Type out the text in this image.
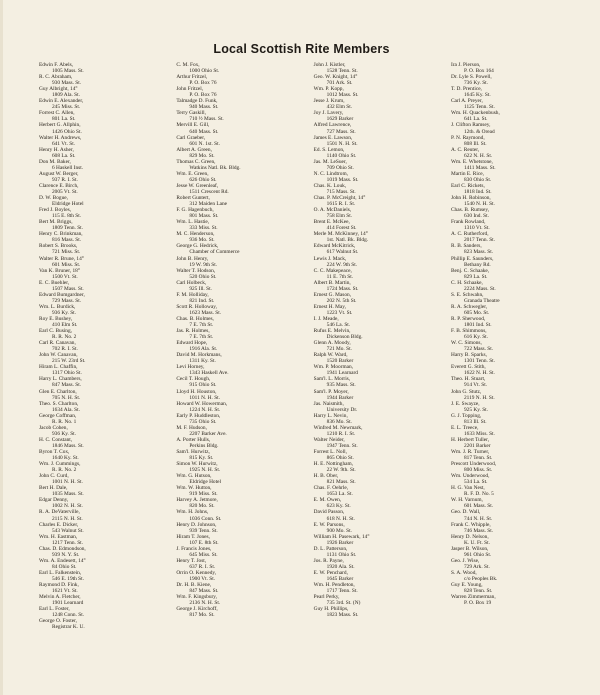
Local Scottish Rite Members
Edwin F. Abels,
1005 Mass. St.
R. C. Abraham,
930 Mass. St.
Guy Albright, 14°
1809 Ala. St.
Edwin E. Alexander,
245 Miss. St.
Forrest C. Allen,
801 La. St.
Herbert G. Allphin,
1426 Ohio St.
Walter H. Andrews,
641 Vt. St.
Henry H. Asher,
608 La. St.
Don M. Baker,
6 Haskell Inst.
August W. Berger,
937 R. I. St.
Clarence E. Birch,
2005 Vt. St.
D. W. Bogue,
Eldridge Hotel
Fred J. Boyles,
115 E. 8th St.
Bert M. Briggs,
1809 Tenn. St.
Henry C. Brinkman,
816 Mass. St.
Robert S. Brooks,
721 Miss. St.
Walter R. Brune, 14°
601 Miss. St.
Van K. Bruner, 18°
1500 Vt. St.
E. C. Buehler,
1507 Mass. St.
Edward Bumgardner,
729 Mass. St.
Wm. L. Burdick,
936 Ky. St.
Roy E. Bushey,
410 Elm St.
Earl C. Busing,
R. R. No. 2
Carl R. Canavan,
702 R. I. St.
John W. Canavan,
215 W. 23rd St.
Hiram L. Chaffin,
1317 Ohio St.
Harry L. Chambers,
847 Mass. St.
Glen E. Charlton,
705 N. H. St.
Theo. S. Charlton,
1634 Ala. St.
George Coffman,
R. R. No. 1
Jacob Cohen,
936 Ky. St.
H. C. Constant,
1846 Mass. St.
Byron T. Cox,
1640 Ky. St.
Wm. J. Cummings,
R. R. No. 2
John C. Curd,
1001 N. H. St.
Bert H. Dale,
1035 Mass. St.
Edgar Denny,
1002 N. H. St.
R. A. DeVaterville,
2115 N. H. St.
Charles E. Dicker,
543 Walnut St.
Wm. H. Eastman,
1217 Tenn. St.
Chas. D. Edmondson,
939 N. Y. St.
Wm. A. Endesett, 14°
84 Ohio St.
Earl L. Falkenstein,
546 E. 19th St.
Raymond D. Fink,
1621 Vt. St.
Melvin A. Fletcher,
1901 Learnard
Earl L. Foster,
1248 Conn. St.
George O. Foster,
Registrar K. U.
C. M. Fox,
1000 Ohio St.
Arthur Fritzel,
P. O. Box 76
John Fritzel,
P. O. Box 76
Talmadge D. Funk,
940 Mass. St.
Terry Gaskill,
710 ½ Mass. St.
Mervill E. Gill,
640 Mass. St.
Carl Graeber,
601 N. 1st. St.
Albert A. Green,
829 Mo. St.
Thomas C. Green,
Watkins Natl. Bk. Bldg.
Wm. E. Green,
626 Ohio St.
Jesse W. Greenleaf,
1511 Crescent Rd.
Robert Guntert,
312 Maiden Lane
F. G. Hagenbuch,
801 Mass. St.
Wm. L. Hastie,
333 Miss. St.
M. C. Henderson,
936 Mo. St.
George G. Hedrick,
Chamber of Commerce
John B. Henry,
19 W. 9th St.
Walter T. Hodson,
520 Ohio St.
Carl Holbeck,
925 Ill. St.
F. M. Holliday,
821 Ind. St.
Scott R. Holloway,
1623 Mass. St.
Chas. B. Holmes,
7 E. 7th St.
Jas. R. Holmes,
7 E. 7th St.
Edward Hope,
1916 Ala. St.
David M. Horkmans,
1311 Ky. St.
Levi Horney,
1343 Haskell Ave.
Cecil T. Hough,
915 Ohio St.
Lloyd H. Houston,
1011 N. H. St.
Howard W. Howerman,
1224 N. H. St.
Early P. Huddleston,
735 Ohio St.
M. F. Hudson,
2207 Barker Ave.
A. Porter Hulls,
Perkins Bldg.
Sam'l. Hurwitz,
815 Ky. St.
Simon W. Hurwitz,
1925 N. H. St.
Wm. G. Hutson,
Eldridge Hotel
Wm. W. Hutton,
919 Miss. St.
Harvey A. Jetmore,
820 Mo. St.
Wm. H. Johns,
1036 Conn. St.
Henry D. Johnson,
939 Tenn. St.
Hiram T. Jones,
107 E. 8th St.
J. Francis Jones,
645 Miss. St.
Henry T. Jost,
637 R. I. St.
Orrin O. Kennedy,
1900 Vt. St.
Dr. H. B. Kiene,
847 Mass. St.
Wm. F. Kingsbury,
2136 N. H. St.
George J. Kirchoff,
817 Mo. St.
John J. Kistler,
1528 Tenn. St.
Geo. W. Knight, 14°
701 Ark. St.
Wm. P. Kopp,
1012 Mass. St.
Jesse J. Krum,
432 Elm St.
Joy J. Lavery,
1629 Barker
Alfred Lawrence,
727 Mass. St.
James E. Lawson,
1501 N. H. St.
Ed. S. Lemon,
1140 Ohio St.
Jas. M. LeSuer,
709 Ohio St.
N. C. Lindtrom,
1019 Mass. St.
Chas. K. Louk,
715 Mass. St.
Chas. P. McCreight, 14°
1615 R. I. St.
O. A. McDaniels,
758 Elm St.
Brent E. McKee,
414 Forest St.
Merle M. McKinney, 14°
1st. Natl. Bk. Bldg.
Edward McKitrick,
617 Walnut St.
Lewis J. Mack,
224 W. 9th St.
C. C. Makepeace,
11 E. 7th St.
Albert B. Martin,
1724 Mass. St.
Ernest G. Mason,
202 N. 5th St.
Ernest H. May,
1223 Vt. St.
I. J. Meade,
546 La. St.
Rufus E. Melvin,
Dickenson Bldg.
Glenn A. Moody,
721 Mo. St.
Ralph W. Ward,
1520 Barker
Wm. P. Moorman,
1941 Learnard
Sam'l. L. Morris,
935 Mass. St.
Sam'l. P. Moyer,
1944 Barker
Jas. Naismith,
University Dr.
Harry L. Nevin,
836 Mo. St.
Winfred M. Newmark,
1210 R. I. St.
Walter Neider,
1947 Tenn. St.
Forrest L. Noll,
865 Ohio St.
H. E. Nottingham,
22 W. 9th. St.
H. B. Ober,
821 Mass. St.
Chas. F. Oehrle,
1653 La. St.
E. M. Owen,
623 Ky. St.
David Passon,
618 N. H. St.
E. W. Parsons,
900 Mo. St.
William H. Pasewark, 14°
1926 Barker
D. L. Patterson,
1131 Ohio St.
Jos. R. Payne,
1920 Ala. St.
E. W. Penchard,
1645 Barker
Wm. H. Pendleton,
1717 Tenn. St.
Pearl Perky,
735 3rd. St. (N)
Guy H. Phillips,
1823 Mass. St.
Ira J. Pierson,
P. O. Box 164
Dr. Lyle S. Powell,
736 Ky. St.
T. D. Prentice,
1645 Ky. St.
Carl A. Preyer,
1125 Tenn. St.
Wm. H. Quackenbush,
641 La. St.
J. Clifton Ramsey,
12th. & Oread
P. N. Raymond,
808 Ill. St.
A. C. Reuter,
622 N. H. St.
Wm. E. Whetstone,
1411 Mass. St.
Martin E. Rice,
830 Ohio St.
Earl C. Rickets,
1818 Ind. St.
John H. Robinson,
1540 N. H. St.
Chas. B. Rumsey,
630 Ind. St.
Frank Rowland,
1310 Vt. St.
A. C. Rutherford,
2017 Tenn. St.
R. B. Sanders,
823 Mass. St.
Phillip E. Saunders,
Bethany Rd.
Benj. C. Schaake,
829 La. St.
C. H. Schaake,
2224 Mass. St.
S. E. Schwahn,
Granada Theatre
R. A. Schwegler,
605 Mo. St.
R. P. Sherwood,
1801 Ind. St.
F. B. Shimmons,
616 Ky. St.
W. C. Simons,
722 Mass. St.
Harry B. Sparks,
1301 Tenn. St.
Everett G. Stith,
1622 N. H. St.
Theo. H. Stuart,
914 Vt. St.
John G. Stutz,
2119 N. H. St.
J. E. Swayze,
925 Ky. St.
G. J. Topping,
813 Ill. St.
E. L. Treece,
1633 Miss. St.
H. Herbert Tuller,
2201 Barker
Wm. J. R. Turner,
817 Tenn. St.
Prescott Underwood,
800 Miss. St.
Wm. Underwood,
534 La. St.
H. G. Van Nest,
R. F. D. No. 5
W. H. Varnum,
601 Mass. St.
Geo. D. Wall,
744 N. H. St.
Frank C. Whipple,
746 Mass. St.
Henry D. Nelson,
K. U. Ft. St.
Jasper B. Wilson,
961 Ohio St.
Geo. J. Wise,
729 Ark. St.
S. A. Wood,
c/o Peoples Bk.
Guy E. Young,
828 Tenn. St.
Warren Zimmerman,
P. O. Box 19
